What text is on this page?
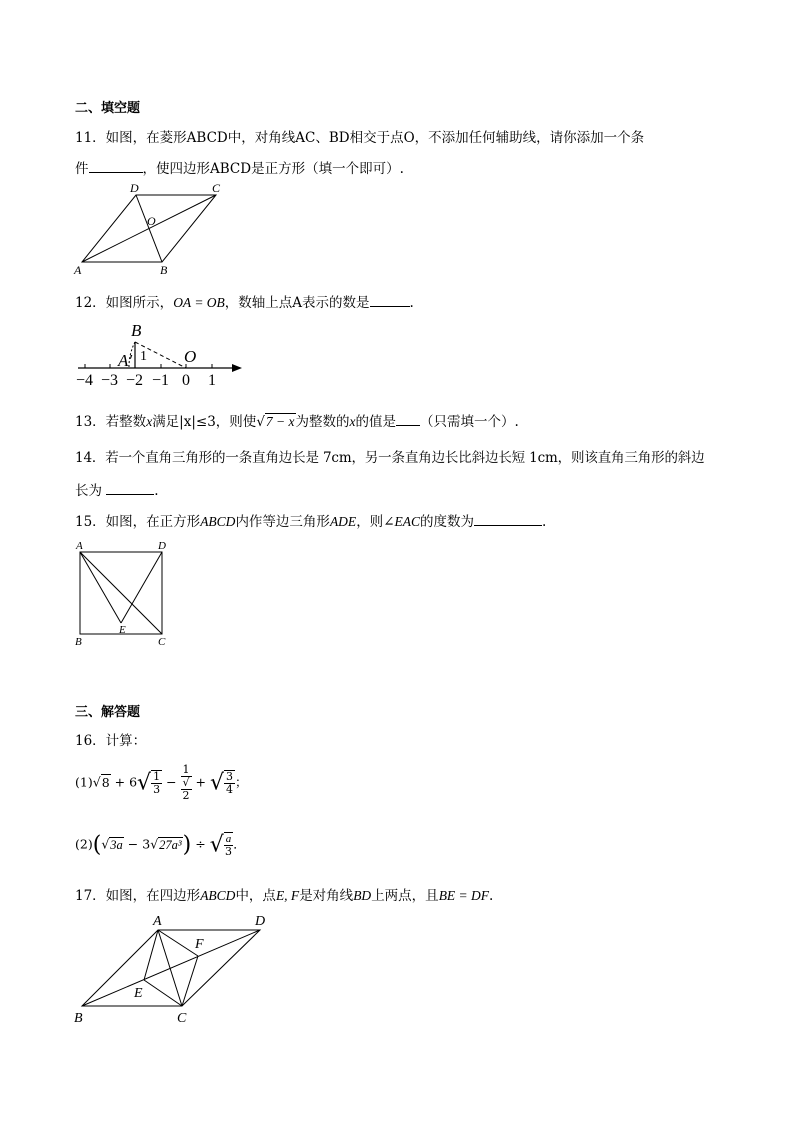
二、填空题
11．如图，在菱形ABCD中，对角线AC、BD相交于点O，不添加任何辅助线，请你添加一个条
件	，使四边形ABCD是正方形（填一个即可）.
A	B
C
D
O
12．如图所示，OA = OB，数轴上点A表示的数是	.
B
A′ 1 O
−4 −3 −2 −1 0 1
13．若整数x满足|x|≤3，则使√7 − x为整数的x的值是 （只需填一个）.
14．若一个直角三角形的一条直角边长是 7cm，另一条直角边长比斜边长短 1cm，则该直角三角形的斜边
长为	.
15．如图，在正方形ABCD内作等边三角形ADE，则∠EAC的度数为	.
A	D
B	C
E
三、解答题
16．计算：
$(1)√8 + 6√ \frac{1}{3} - 1$
√
2 + √ $\frac{3}{4}$ ；
(2)(√3a − 3√27a³) ÷ √ $\frac{a}{3}$ ．
17．如图，在四边形ABCD中，点E, F是对角线BD上两点，且BE = DF.
A	D
B	C
E
F
